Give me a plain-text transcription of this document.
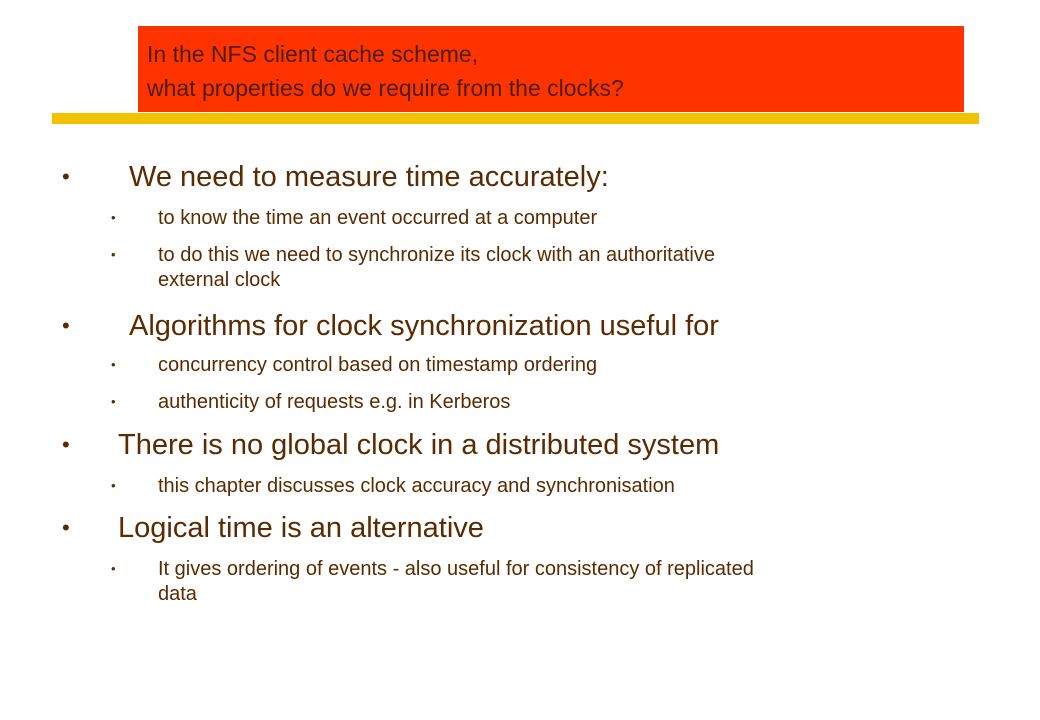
In the NFS client cache scheme,
what properties do we require from the clocks?
• We need to measure time accurately:
• to know the time an event occurred at a computer
• to do this we need to synchronize its clock with an authoritative
external clock
• Algorithms for clock synchronization useful for
• concurrency control based on timestamp ordering
• authenticity of requests e.g. in Kerberos
• There is no global clock in a distributed system
• this chapter discusses clock accuracy and synchronisation
• Logical time is an alternative
• It gives ordering of events - also useful for consistency of replicated
data
